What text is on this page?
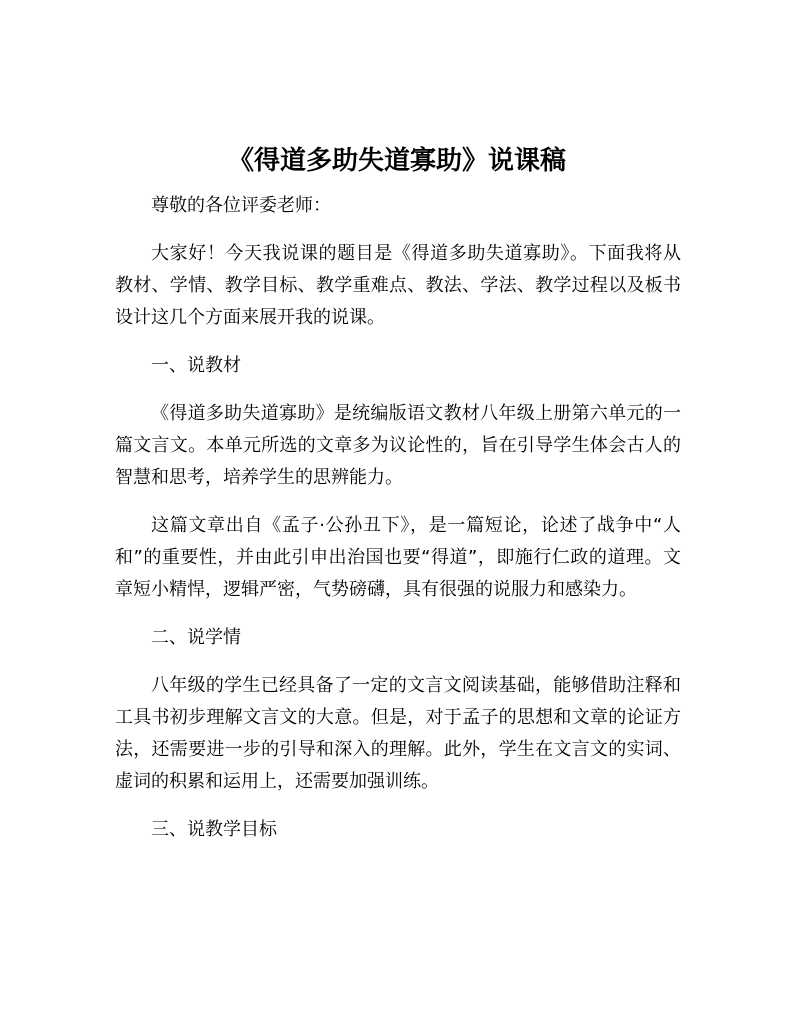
《得道多助失道寡助》说课稿

尊敬的各位评委老师：

大家好！今天我说课的题目是《得道多助失道寡助》。下面我将从教材、学情、教学目标、教学重难点、教法、学法、教学过程以及板书设计这几个方面来展开我的说课。

一、说教材

《得道多助失道寡助》是统编版语文教材八年级上册第六单元的一篇文言文。本单元所选的文章多为议论性的，旨在引导学生体会古人的智慧和思考，培养学生的思辨能力。

这篇文章出自《孟子·公孙丑下》，是一篇短论，论述了战争中“人和”的重要性，并由此引申出治国也要“得道”，即施行仁政的道理。文章短小精悍，逻辑严密，气势磅礴，具有很强的说服力和感染力。

二、说学情

八年级的学生已经具备了一定的文言文阅读基础，能够借助注释和工具书初步理解文言文的大意。但是，对于孟子的思想和文章的论证方法，还需要进一步的引导和深入的理解。此外，学生在文言文的实词、虚词的积累和运用上，还需要加强训练。

三、说教学目标
